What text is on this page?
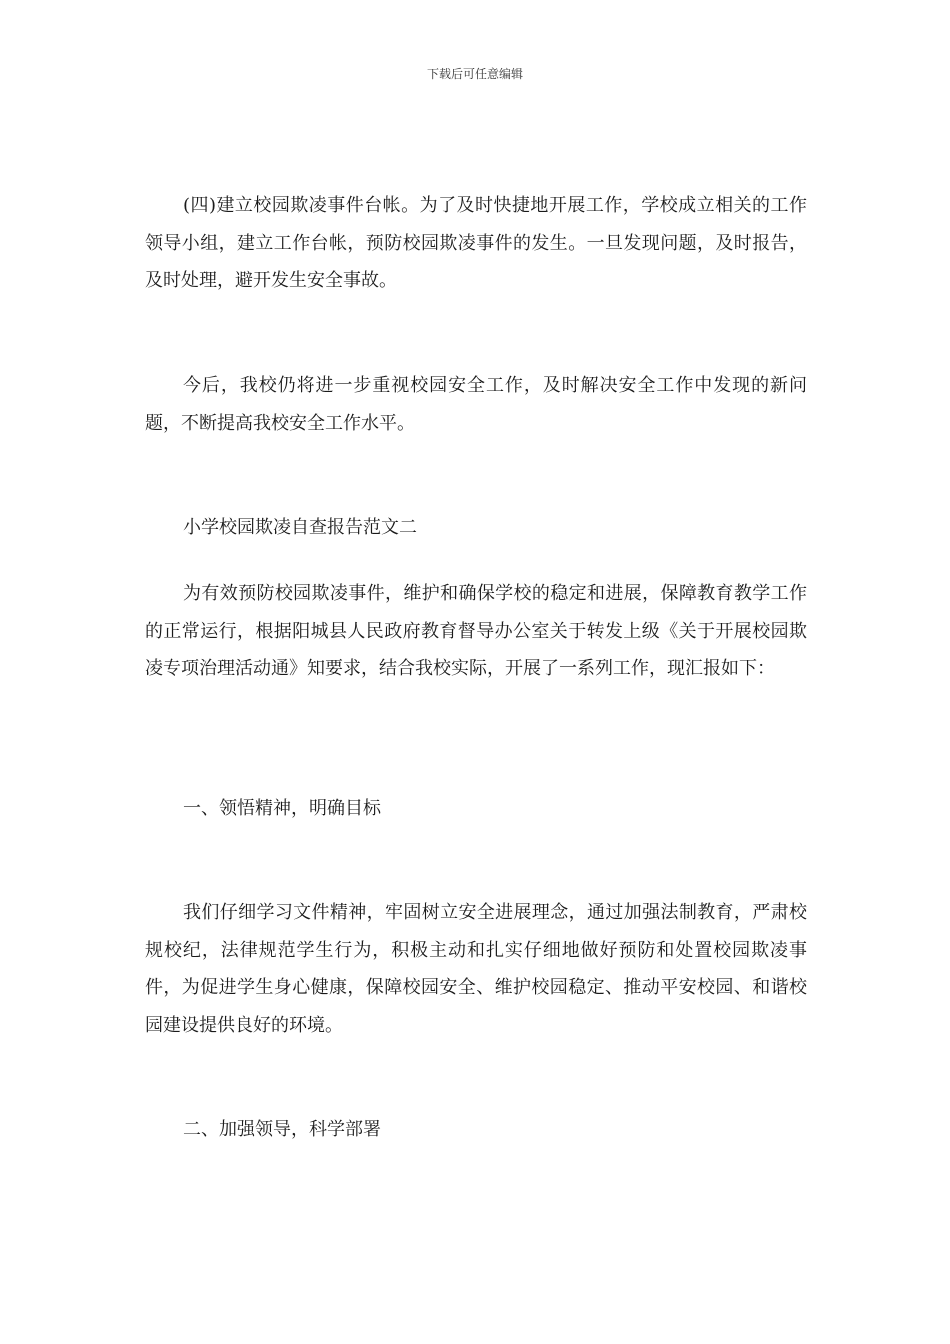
下载后可任意编辑

(四)建立校园欺凌事件台帐。为了及时快捷地开展工作，学校成立相关的工作领导小组，建立工作台帐，预防校园欺凌事件的发生。一旦发现问题，及时报告，及时处理，避开发生安全事故。

今后，我校仍将进一步重视校园安全工作，及时解决安全工作中发现的新问题，不断提高我校安全工作水平。

小学校园欺凌自查报告范文二

为有效预防校园欺凌事件，维护和确保学校的稳定和进展，保障教育教学工作的正常运行，根据阳城县人民政府教育督导办公室关于转发上级《关于开展校园欺凌专项治理活动通》知要求，结合我校实际，开展了一系列工作，现汇报如下：

一、领悟精神，明确目标

我们仔细学习文件精神，牢固树立安全进展理念，通过加强法制教育，严肃校规校纪，法律规范学生行为，积极主动和扎实仔细地做好预防和处置校园欺凌事件，为促进学生身心健康，保障校园安全、维护校园稳定、推动平安校园、和谐校园建设提供良好的环境。

二、加强领导，科学部署
